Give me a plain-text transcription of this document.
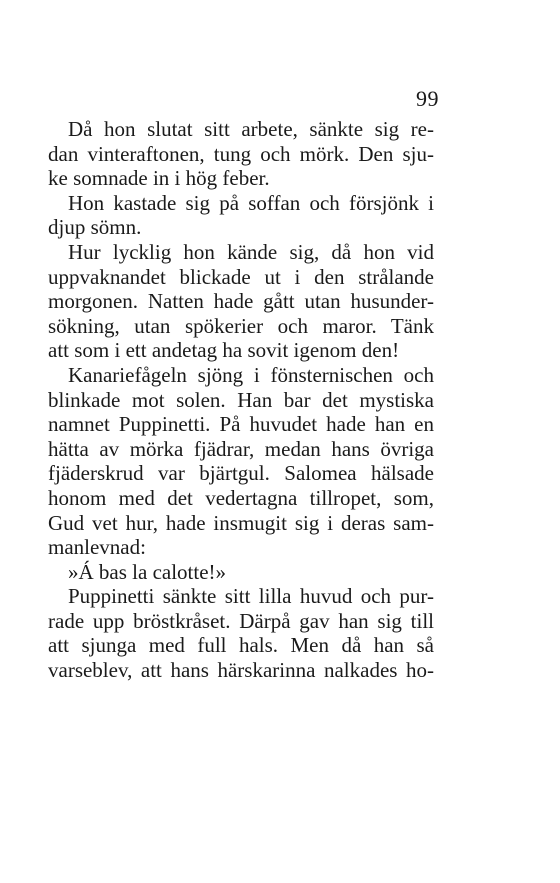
99
Då hon slutat sitt arbete, sänkte sig re-
dan vinteraftonen, tung och mörk. Den sju-
ke somnade in i hög feber.
Hon kastade sig på soffan och försjönk i
djup sömn.
Hur lycklig hon kände sig, då hon vid
uppvaknandet blickade ut i den strålande
morgonen. Natten hade gått utan husunder-
sökning, utan spökerier och maror. Tänk
att som i ett andetag ha sovit igenom den!
Kanariefågeln sjöng i fönsternischen och
blinkade mot solen. Han bar det mystiska
namnet Puppinetti. På huvudet hade han en
hätta av mörka fjädrar, medan hans övriga
fjäderskrud var bjärtgul. Salomea hälsade
honom med det vedertagna tillropet, som,
Gud vet hur, hade insmugit sig i deras sam-
manlevnad:
»Á bas la calotte!»
Puppinetti sänkte sitt lilla huvud och pur-
rade upp bröstkråset. Därpå gav han sig till
att sjunga med full hals. Men då han så
varseblev, att hans härskarinna nalkades ho-
